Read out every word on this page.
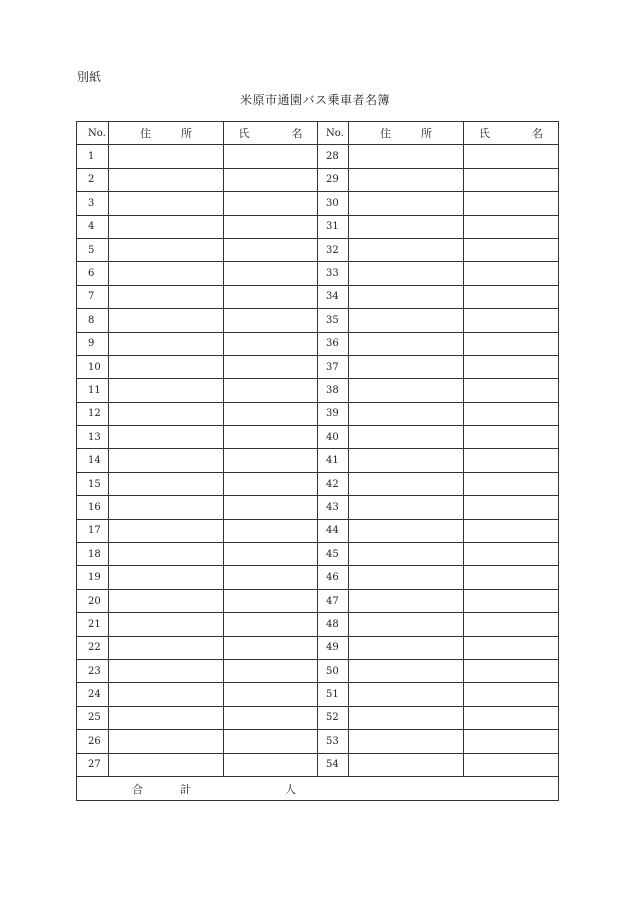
別紙
米原市通園バス乗車者名簿
No.	住 所	氏 名	No.	住 所	氏 名
1			28		
2			29		
3			30		
4			31		
5			32		
6			33		
7			34		
8			35		
9			36		
10			37		
11			38		
12			39		
13			40		
14			41		
15			42		
16			43		
17			44		
18			45		
19			46		
20			47		
21			48		
22			49		
23			50		
24			51		
25			52		
26			53		
27			54		

合 計 人					
